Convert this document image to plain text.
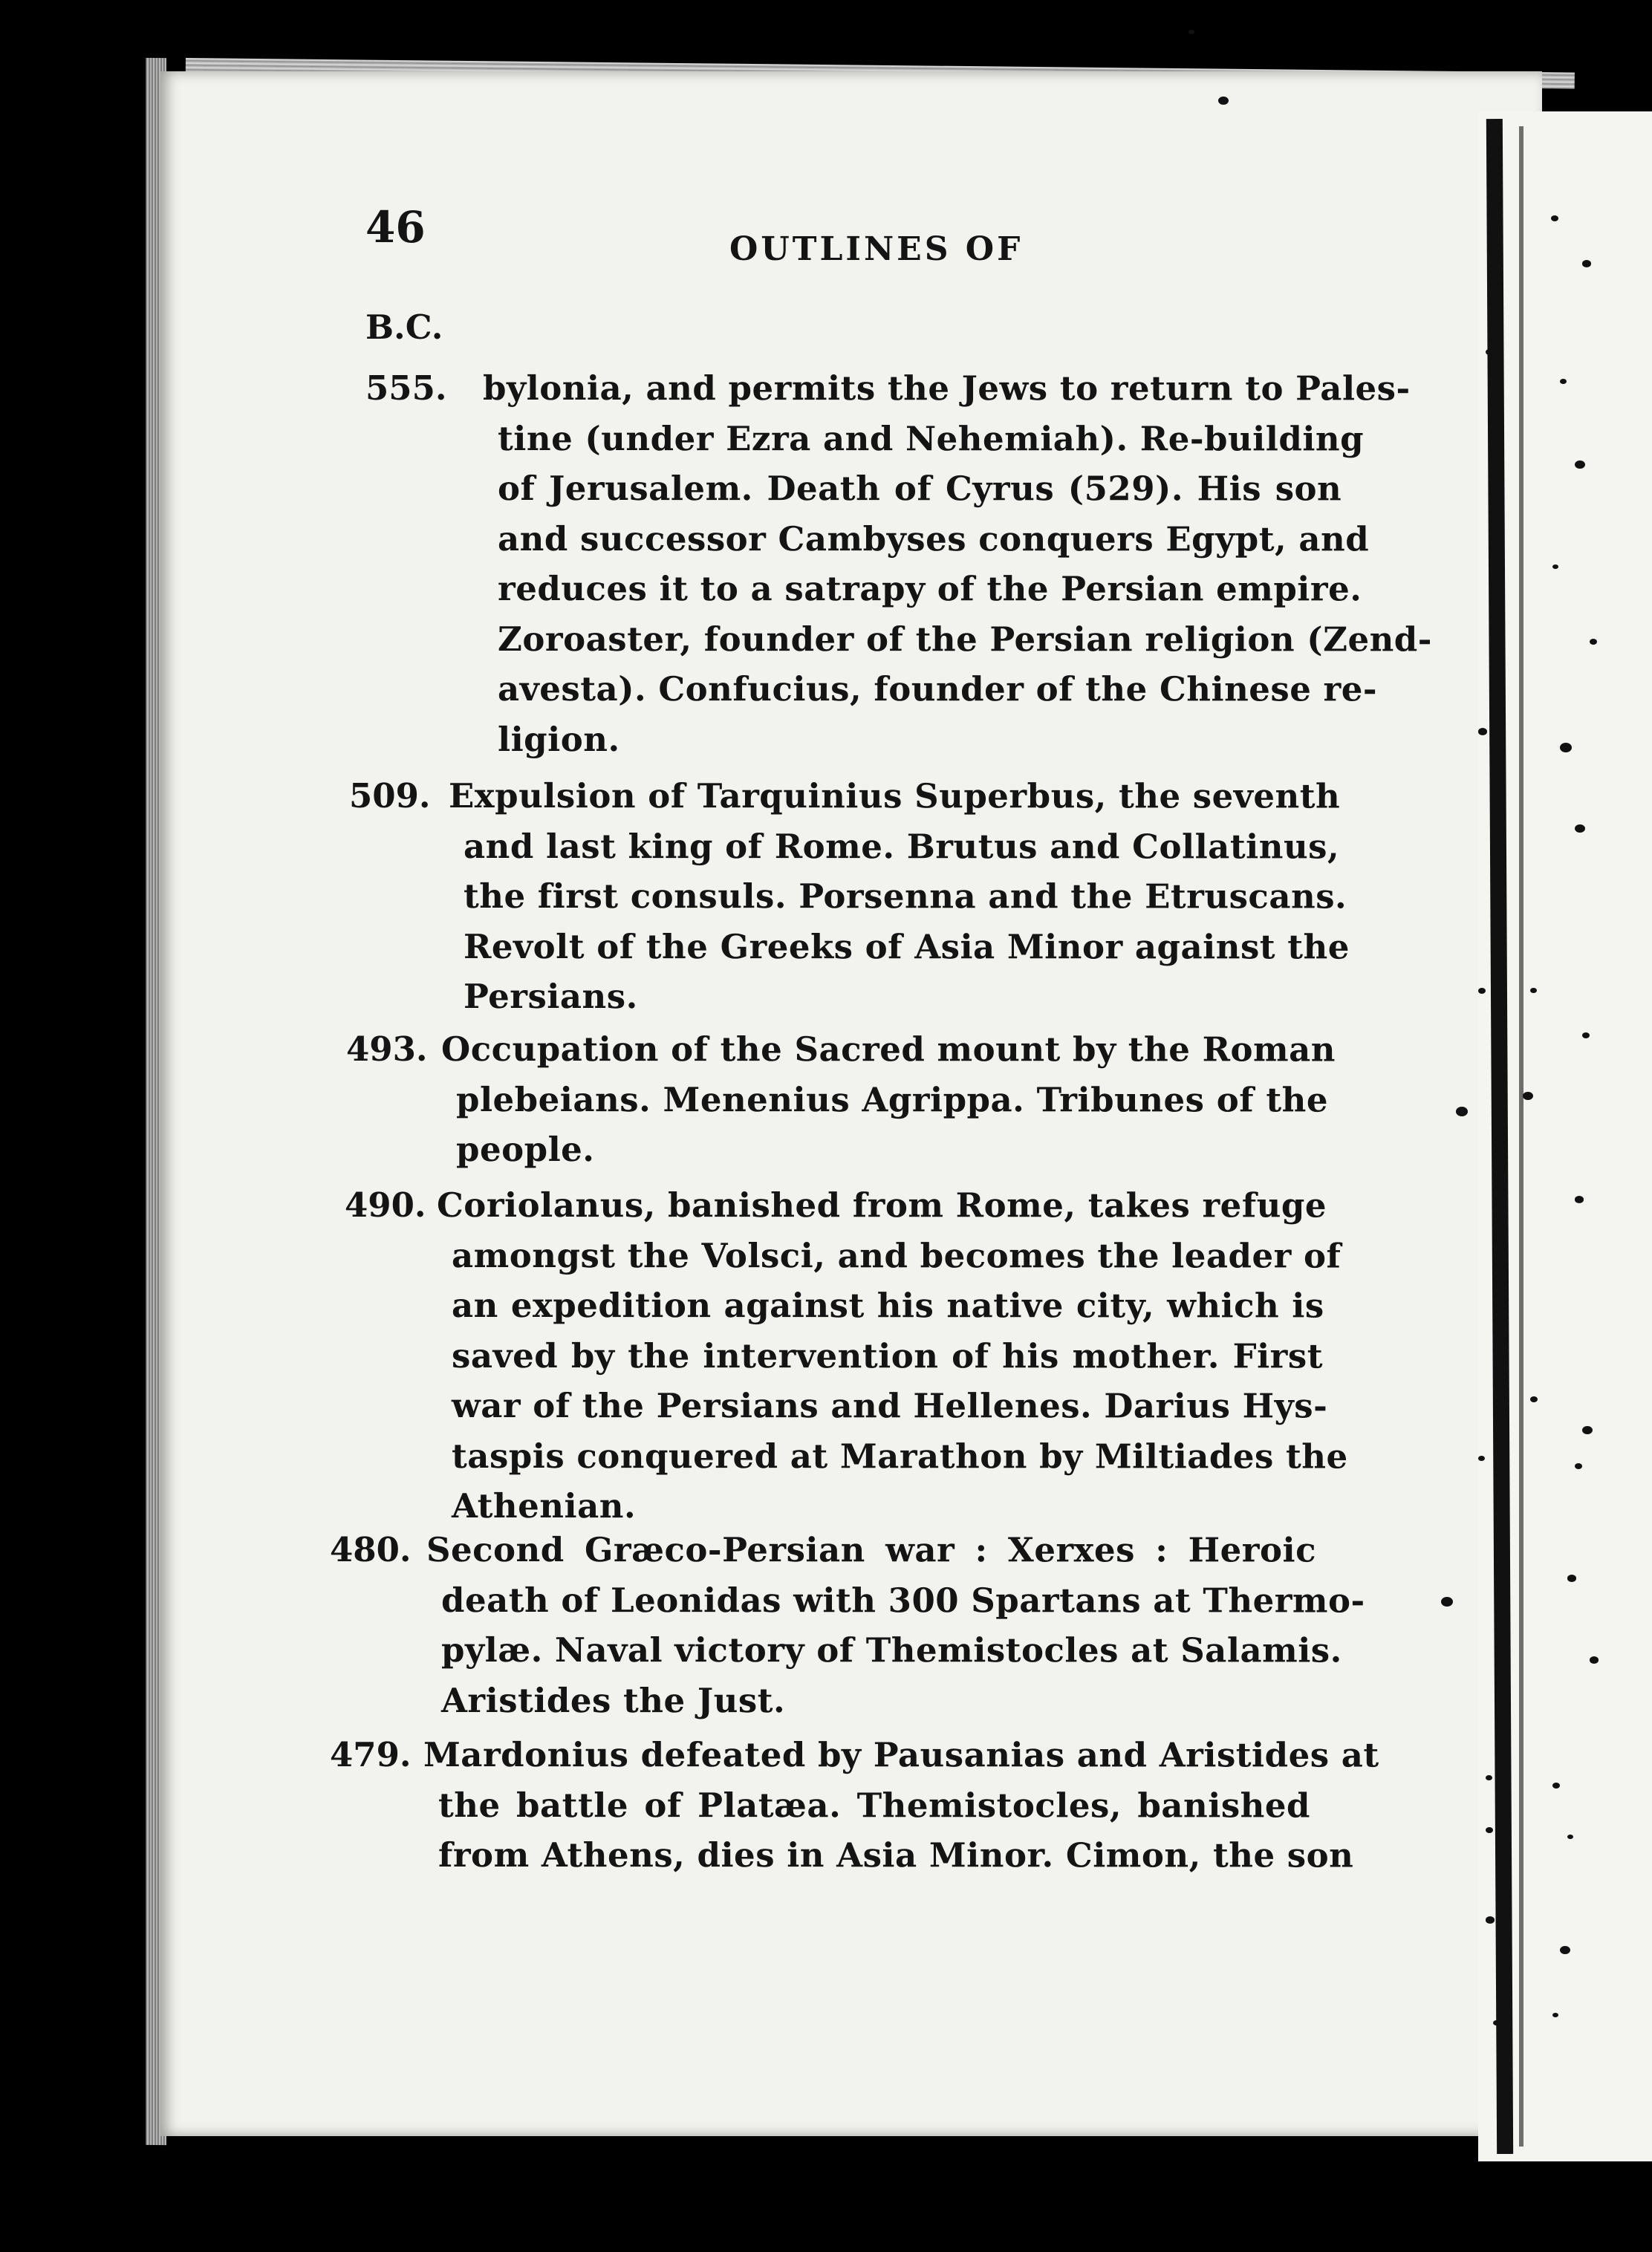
46	OUTLINES OF
B.C.
555. bylonia, and permits the Jews to return to Pales-
tine (under Ezra and Nehemiah). Re-building
of Jerusalem. Death of Cyrus (529). His son
and successor Cambyses conquers Egypt, and
reduces it to a satrapy of the Persian empire.
Zoroaster, founder of the Persian religion (Zend-
avesta). Confucius, founder of the Chinese re-
ligion.
509. Expulsion of Tarquinius Superbus, the seventh
and last king of Rome. Brutus and Collatinus,
the first consuls. Porsenna and the Etruscans.
Revolt of the Greeks of Asia Minor against the
Persians.
493. Occupation of the Sacred mount by the Roman
plebeians. Menenius Agrippa. Tribunes of the
people.
490. Coriolanus, banished from Rome, takes refuge
amongst the Volsci, and becomes the leader of
an expedition against his native city, which is
saved by the intervention of his mother. First
war of the Persians and Hellenes. Darius Hys-
taspis conquered at Marathon by Miltiades the
Athenian.
480. Second Græco-Persian war : Xerxes : Heroic
death of Leonidas with 300 Spartans at Thermo-
pylæ. Naval victory of Themistocles at Salamis.
Aristides the Just.
479. Mardonius defeated by Pausanias and Aristides at
the battle of Platæa. Themistocles, banished
from Athens, dies in Asia Minor. Cimon, the son
